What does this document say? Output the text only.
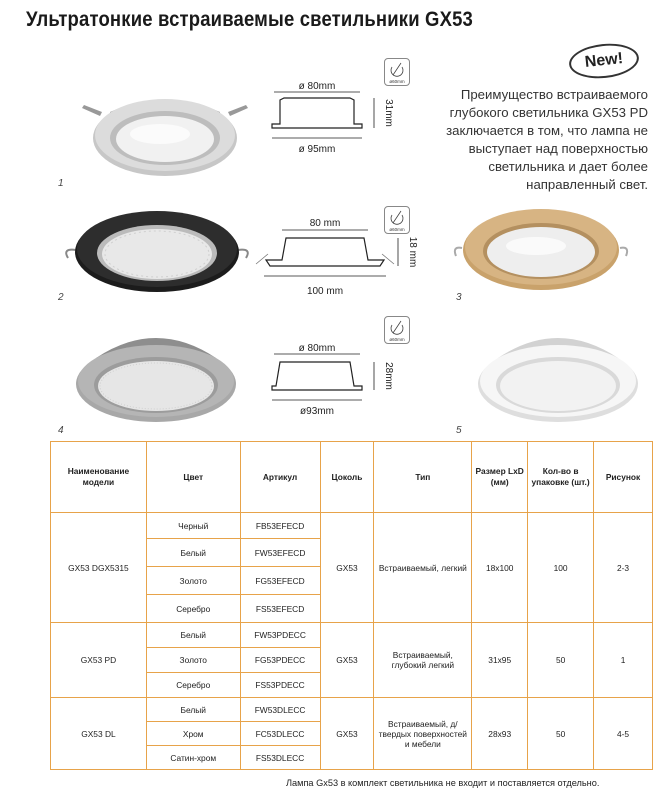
Ультратонкие встраиваемые светильники GX53
New!
Преимущество встраиваемого глубокого светильника GX53 PD заключается в том, что лампа не выступает над поверхностью светильника и дает более направленный свет.
1
2	3
4	5
ø 80mm
ø 95mm
31mm
ø60mm
80 mm
100 mm
18 mm
ø60mm
ø 80mm
ø93mm
28mm
ø60mm
Наименование модели	Цвет	Артикул	Цоколь	Тип	Размер LxD (мм)	Кол-во в упаковке (шт.)	Рисунок
GX53 DGX5315	Черный	FB53EFECD	GX53	Встраиваемый, легкий	18x100	100	2-3
	Белый	FW53EFECD					
	Золото	FG53EFECD					
	Серебро	FS53EFECD					
GX53 PD	Белый	FW53PDECC	GX53	Встраиваемый, глубокий легкий	31x95	50	1
	Золото	FG53PDECC					
	Серебро	FS53PDECC					
GX53 DL	Белый	FW53DLECC	GX53	Встраиваемый, д/твердых поверхностей и мебели	28x93	50	4-5
	Хром	FC53DLECC					
	Сатин-хром	FS53DLECC					
Лампа Gx53 в комплект светильника не входит и поставляется отдельно.
